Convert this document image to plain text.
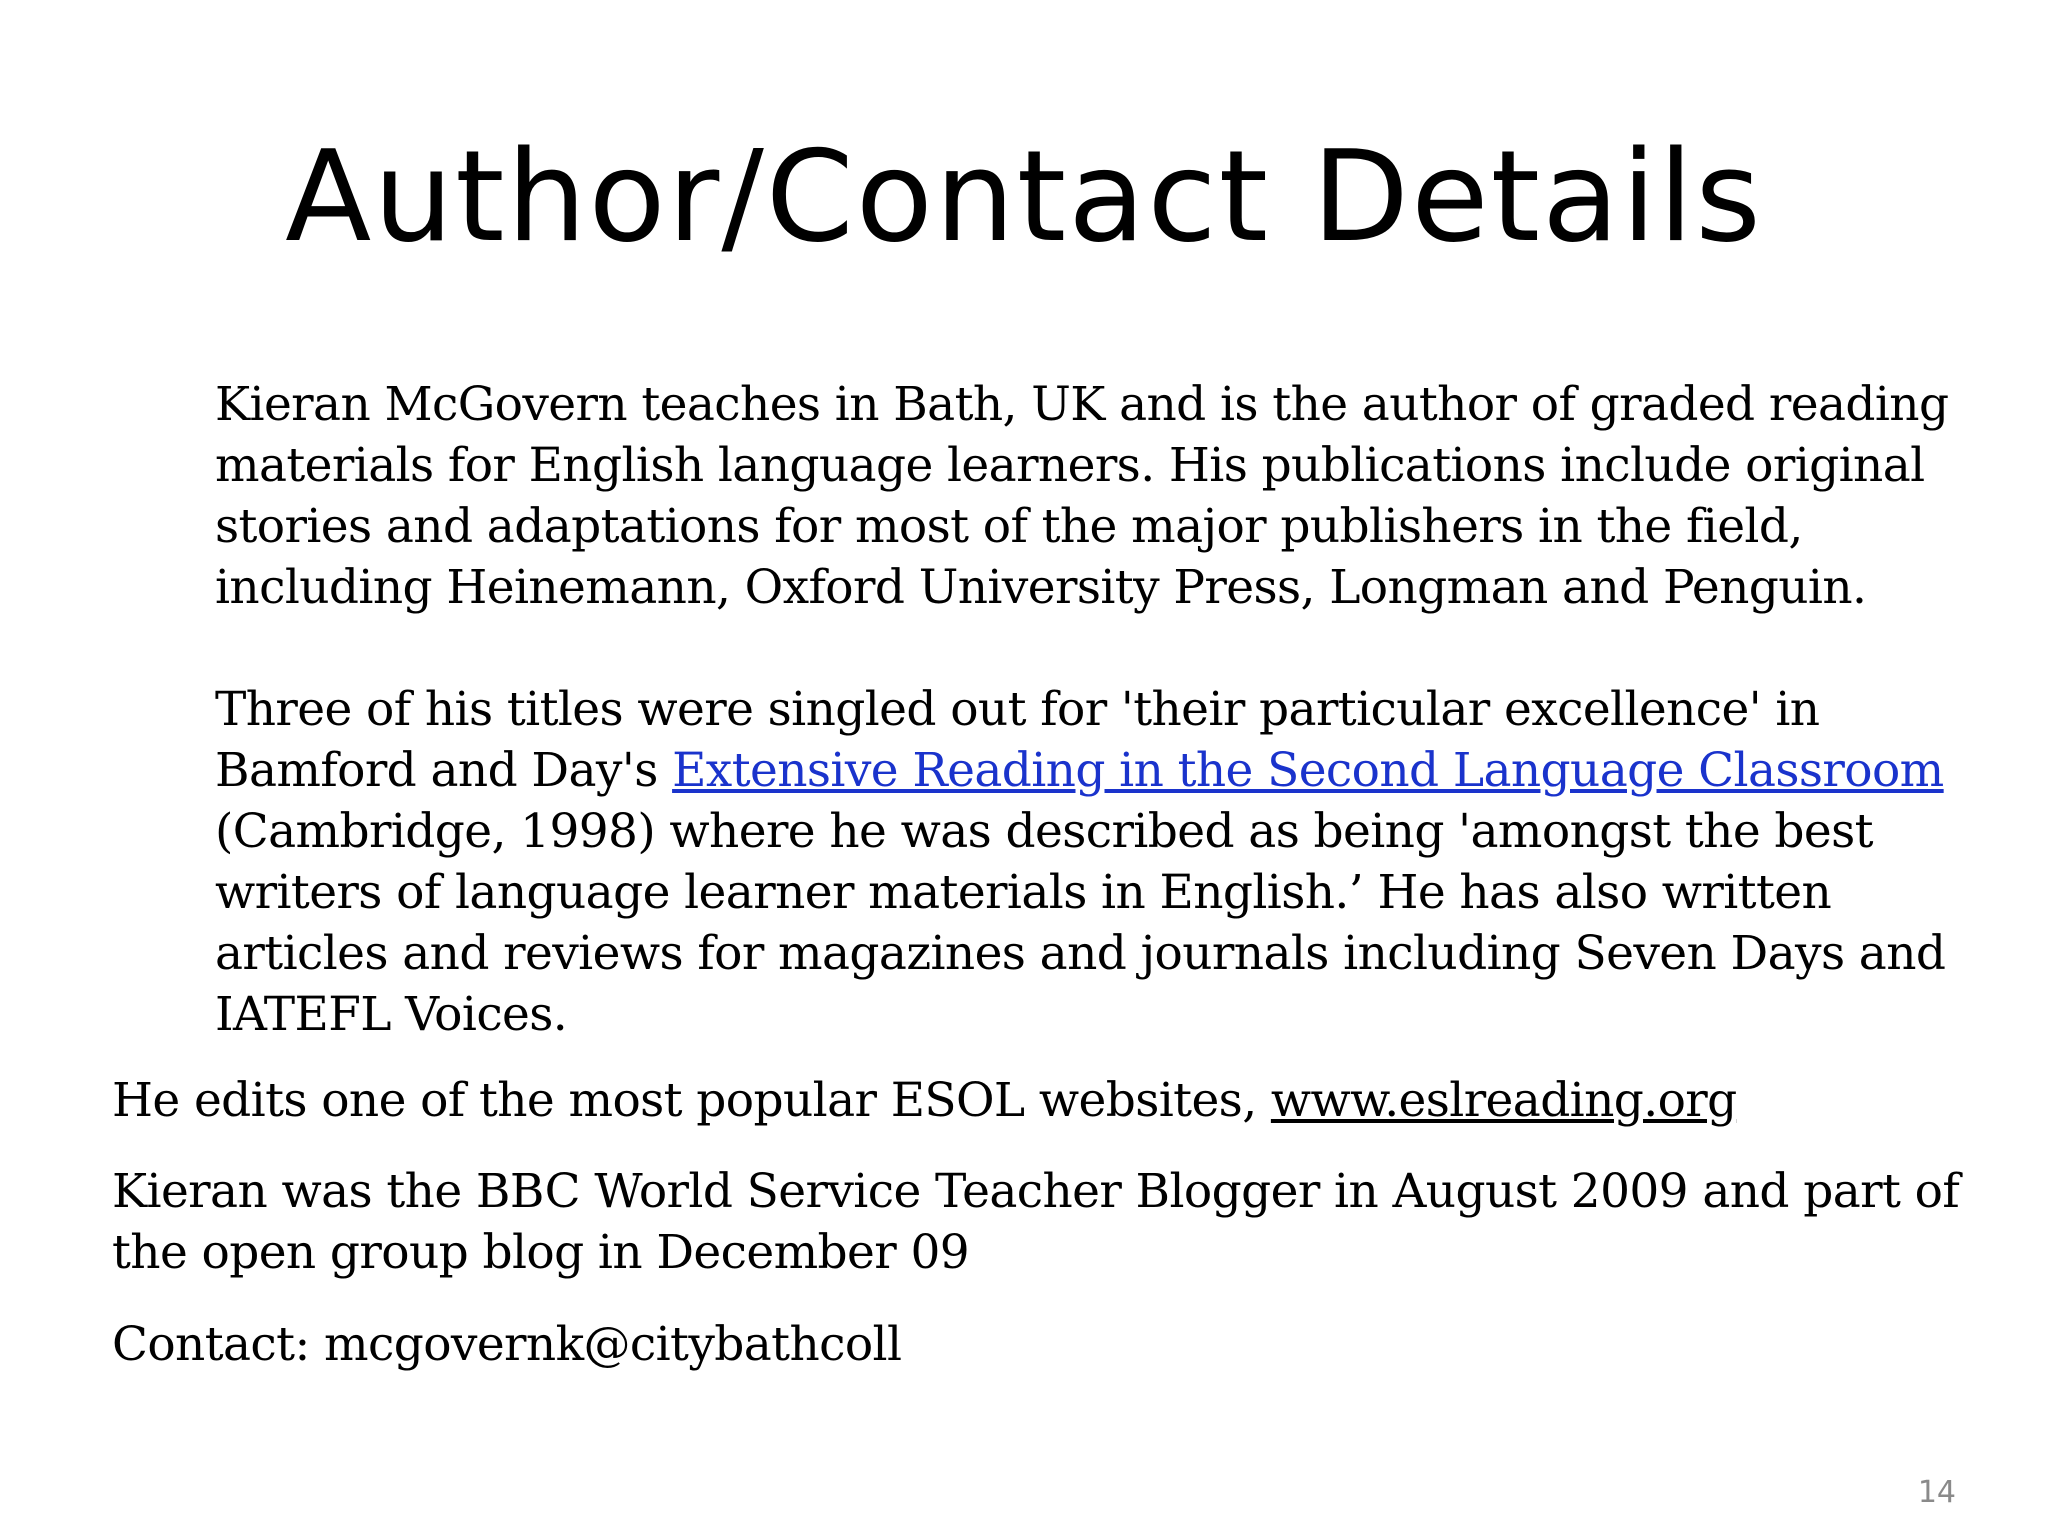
Author/Contact Details

Kieran McGovern teaches in Bath, UK and is the author of graded reading materials for English language learners. His publications include original stories and adaptations for most of the major publishers in the field, including Heinemann, Oxford University Press, Longman and Penguin.

Three of his titles were singled out for 'their particular excellence' in Bamford and Day's Extensive Reading in the Second Language Classroom (Cambridge, 1998) where he was described as being 'amongst the best writers of language learner materials in English.’ He has also written articles and reviews for magazines and journals including Seven Days and IATEFL Voices.

He edits one of the most popular ESOL websites, www.eslreading.org

Kieran was the BBC World Service Teacher Blogger in August 2009 and part of the open group blog in December 09

Contact: mcgovernk@citybathcoll

14
